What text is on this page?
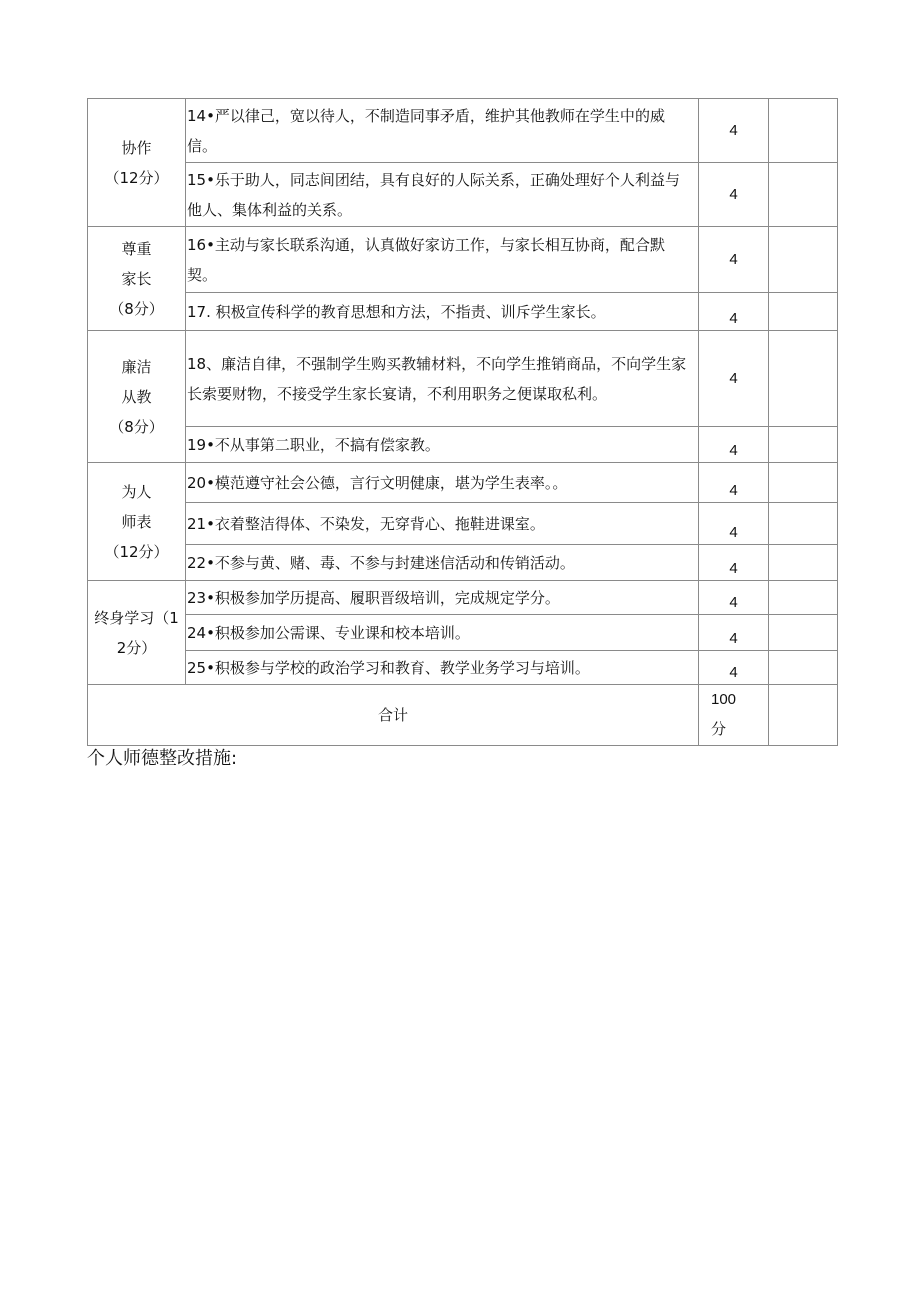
协作
（12分）	14•严以律己，宽以待人，不制造同事矛盾，维护其他教师在学生中的威信。	4	
	15•乐于助人，同志间团结，具有良好的人际关系，正确处理好个人利益与他人、集体利益的关系。	4	

尊重
家长
（8分）	16•主动与家长联系沟通，认真做好家访工作，与家长相互协商，配合默契。	4	
	17. 积极宣传科学的教育思想和方法，不指责、训斥学生家长。	4	

廉洁
从教
（8分）	18、廉洁自律，不强制学生购买教辅材料，不向学生推销商品，不向学生家长索要财物，不接受学生家长宴请，不利用职务之便谋取私利。	4	
	19•不从事第二职业，不搞有偿家教。	4	

为人
师表
（12分）	20•模范遵守社会公德，言行文明健康，堪为学生表率。。	4	
	21•衣着整洁得体、不染发，无穿背心、拖鞋进课室。	4	
	22•不参与黄、赌、毒、不参与封建迷信活动和传销活动。	4	

终身学习（1
2分）	23•积极参加学历提高、履职晋级培训，完成规定学分。	4	
	24•积极参加公需课、专业课和校本培训。	4	
	25•积极参与学校的政治学习和教育、教学业务学习与培训。	4	
合计		100
分	

个人师德整改措施:
